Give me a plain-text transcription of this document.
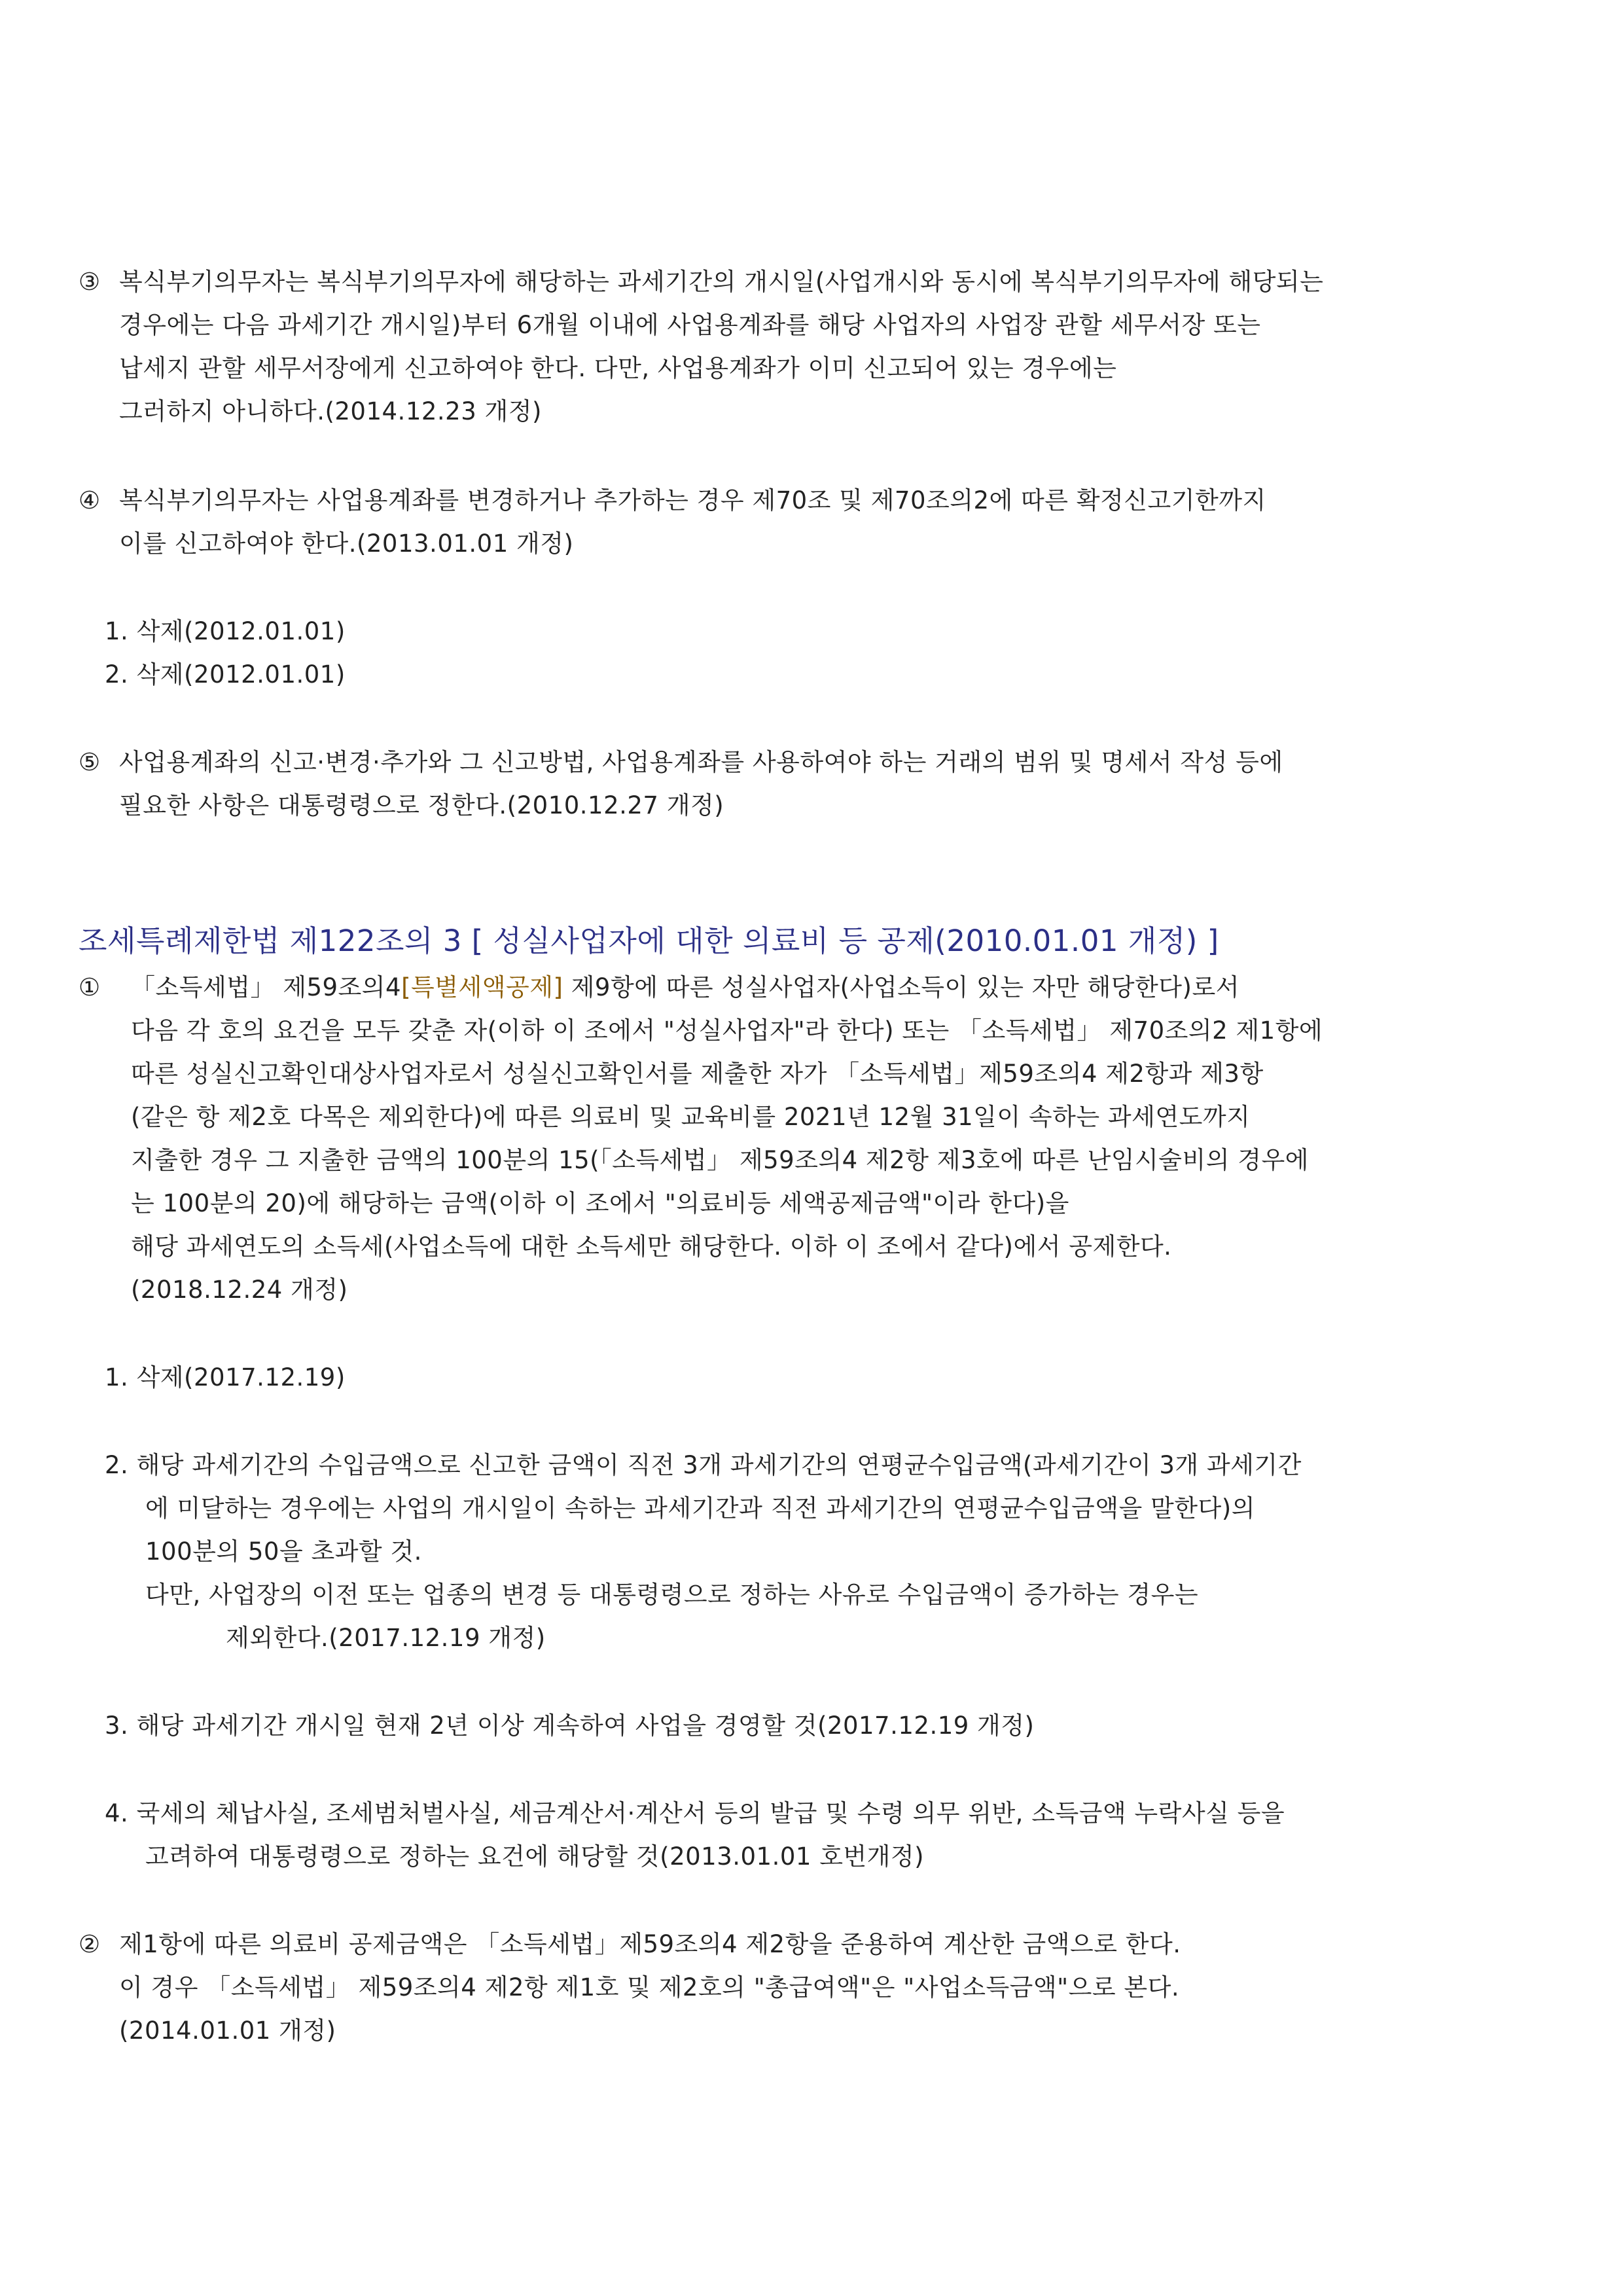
③ 복식부기의무자는 복식부기의무자에 해당하는 과세기간의 개시일(사업개시와 동시에 복식부기의무자에 해당되는
경우에는 다음 과세기간 개시일)부터 6개월 이내에 사업용계좌를 해당 사업자의 사업장 관할 세무서장 또는
납세지 관할 세무서장에게 신고하여야 한다. 다만, 사업용계좌가 이미 신고되어 있는 경우에는
그러하지 아니하다.(2014.12.23 개정)
④ 복식부기의무자는 사업용계좌를 변경하거나 추가하는 경우 제70조 및 제70조의2에 따른 확정신고기한까지
이를 신고하여야 한다.(2013.01.01 개정)
1. 삭제(2012.01.01)
2. 삭제(2012.01.01)
⑤ 사업용계좌의 신고·변경·추가와 그 신고방법, 사업용계좌를 사용하여야 하는 거래의 범위 및 명세서 작성 등에
필요한 사항은 대통령령으로 정한다.(2010.12.27 개정)
조세특례제한법 제122조의 3 [ 성실사업자에 대한 의료비 등 공제(2010.01.01 개정) ]
① 「소득세법」 제59조의4[특별세액공제] 제9항에 따른 성실사업자(사업소득이 있는 자만 해당한다)로서
다음 각 호의 요건을 모두 갖춘 자(이하 이 조에서 "성실사업자"라 한다) 또는 「소득세법」 제70조의2 제1항에
따른 성실신고확인대상사업자로서 성실신고확인서를 제출한 자가 「소득세법」제59조의4 제2항과 제3항
(같은 항 제2호 다목은 제외한다)에 따른 의료비 및 교육비를 2021년 12월 31일이 속하는 과세연도까지
지출한 경우 그 지출한 금액의 100분의 15(「소득세법」 제59조의4 제2항 제3호에 따른 난임시술비의 경우에
는 100분의 20)에 해당하는 금액(이하 이 조에서 "의료비등 세액공제금액"이라 한다)을
해당 과세연도의 소득세(사업소득에 대한 소득세만 해당한다. 이하 이 조에서 같다)에서 공제한다.
(2018.12.24 개정)
1. 삭제(2017.12.19)
2. 해당 과세기간의 수입금액으로 신고한 금액이 직전 3개 과세기간의 연평균수입금액(과세기간이 3개 과세기간
에 미달하는 경우에는 사업의 개시일이 속하는 과세기간과 직전 과세기간의 연평균수입금액을 말한다)의
100분의 50을 초과할 것.
다만, 사업장의 이전 또는 업종의 변경 등 대통령령으로 정하는 사유로 수입금액이 증가하는 경우는
제외한다.(2017.12.19 개정)
3. 해당 과세기간 개시일 현재 2년 이상 계속하여 사업을 경영할 것(2017.12.19 개정)
4. 국세의 체납사실, 조세범처벌사실, 세금계산서·계산서 등의 발급 및 수령 의무 위반, 소득금액 누락사실 등을
고려하여 대통령령으로 정하는 요건에 해당할 것(2013.01.01 호번개정)
② 제1항에 따른 의료비 공제금액은 「소득세법」제59조의4 제2항을 준용하여 계산한 금액으로 한다.
이 경우 「소득세법」 제59조의4 제2항 제1호 및 제2호의 "총급여액"은 "사업소득금액"으로 본다.
(2014.01.01 개정)
